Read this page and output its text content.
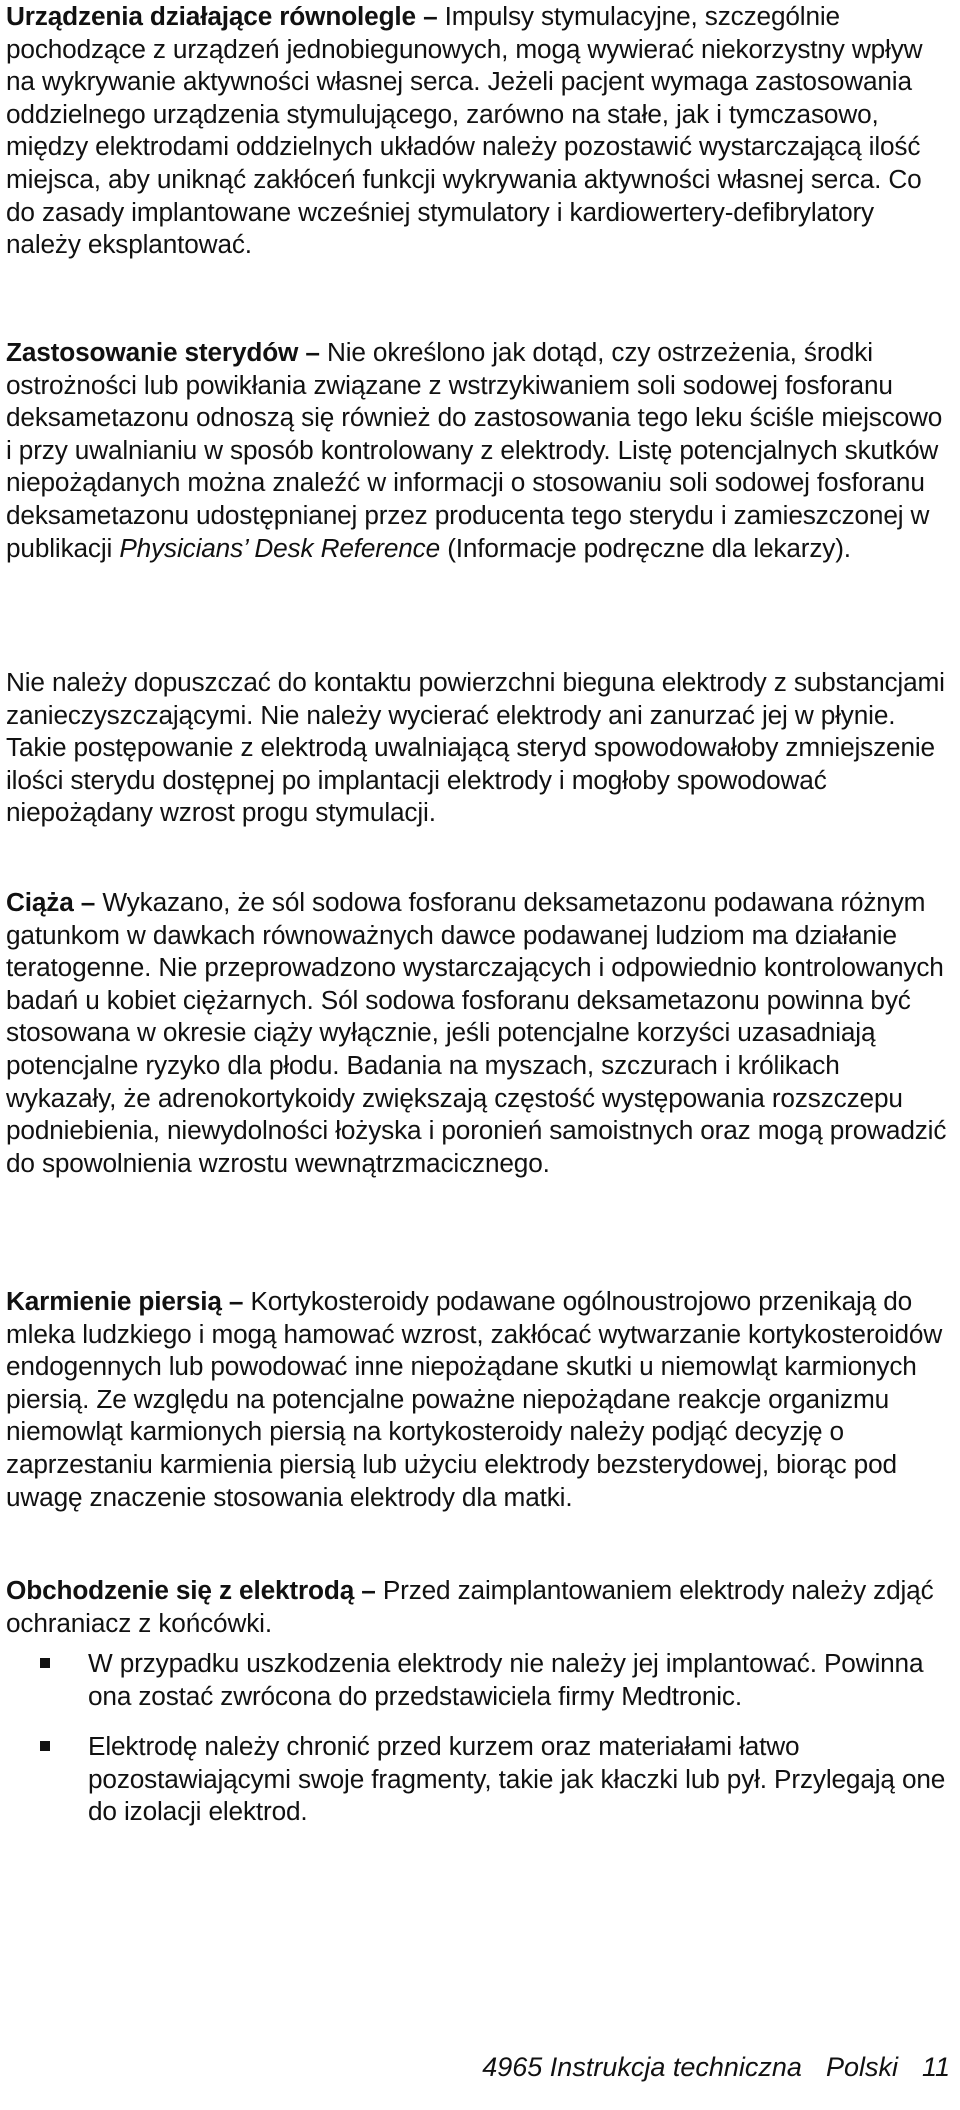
Urządzenia działające równolegle – Impulsy stymulacyjne, szczególnie pochodzące z urządzeń jednobiegunowych, mogą wywierać niekorzystny wpływ na wykrywanie aktywności własnej serca. Jeżeli pacjent wymaga zastosowania oddzielnego urządzenia stymulującego, zarówno na stałe, jak i tymczasowo, między elektrodami oddzielnych układów należy pozostawić wystarczającą ilość miejsca, aby uniknąć zakłóceń funkcji wykrywania aktywności własnej serca. Co do zasady implantowane wcześniej stymulatory i kardiowertery-defibrylatory należy eksplantować.

Zastosowanie sterydów – Nie określono jak dotąd, czy ostrzeżenia, środki ostrożności lub powikłania związane z wstrzykiwaniem soli sodowej fosforanu deksametazonu odnoszą się również do zastosowania tego leku ściśle miejscowo i przy uwalnianiu w sposób kontrolowany z elektrody. Listę potencjalnych skutków niepożądanych można znaleźć w informacji o stosowaniu soli sodowej fosforanu deksametazonu udostępnianej przez producenta tego sterydu i zamieszczonej w publikacji Physicians’ Desk Reference (Informacje podręczne dla lekarzy).

Nie należy dopuszczać do kontaktu powierzchni bieguna elektrody z substancjami zanieczyszczającymi. Nie należy wycierać elektrody ani zanurzać jej w płynie. Takie postępowanie z elektrodą uwalniającą steryd spowodowałoby zmniejszenie ilości sterydu dostępnej po implantacji elektrody i mogłoby spowodować niepożądany wzrost progu stymulacji.

Ciąża – Wykazano, że sól sodowa fosforanu deksametazonu podawana różnym gatunkom w dawkach równoważnych dawce podawanej ludziom ma działanie teratogenne. Nie przeprowadzono wystarczających i odpowiednio kontrolowanych badań u kobiet ciężarnych. Sól sodowa fosforanu deksametazonu powinna być stosowana w okresie ciąży wyłącznie, jeśli potencjalne korzyści uzasadniają potencjalne ryzyko dla płodu. Badania na myszach, szczurach i królikach wykazały, że adrenokortykoidy zwiększają częstość występowania rozszczepu podniebienia, niewydolności łożyska i poronień samoistnych oraz mogą prowadzić do spowolnienia wzrostu wewnątrzmacicznego.

Karmienie piersią – Kortykosteroidy podawane ogólnoustrojowo przenikają do mleka ludzkiego i mogą hamować wzrost, zakłócać wytwarzanie kortykosteroidów endogennych lub powodować inne niepożądane skutki u niemowląt karmionych piersią. Ze względu na potencjalne poważne niepożądane reakcje organizmu niemowląt karmionych piersią na kortykosteroidy należy podjąć decyzję o zaprzestaniu karmienia piersią lub użyciu elektrody bezsterydowej, biorąc pod uwagę znaczenie stosowania elektrody dla matki.

Obchodzenie się z elektrodą – Przed zaimplantowaniem elektrody należy zdjąć ochraniacz z końcówki.

W przypadku uszkodzenia elektrody nie należy jej implantować. Powinna ona zostać zwrócona do przedstawiciela firmy Medtronic.
Elektrodę należy chronić przed kurzem oraz materiałami łatwo pozostawiającymi swoje fragmenty, takie jak kłaczki lub pył. Przylegają one do izolacji elektrod.
4965 Instrukcja techniczna Polski 11
